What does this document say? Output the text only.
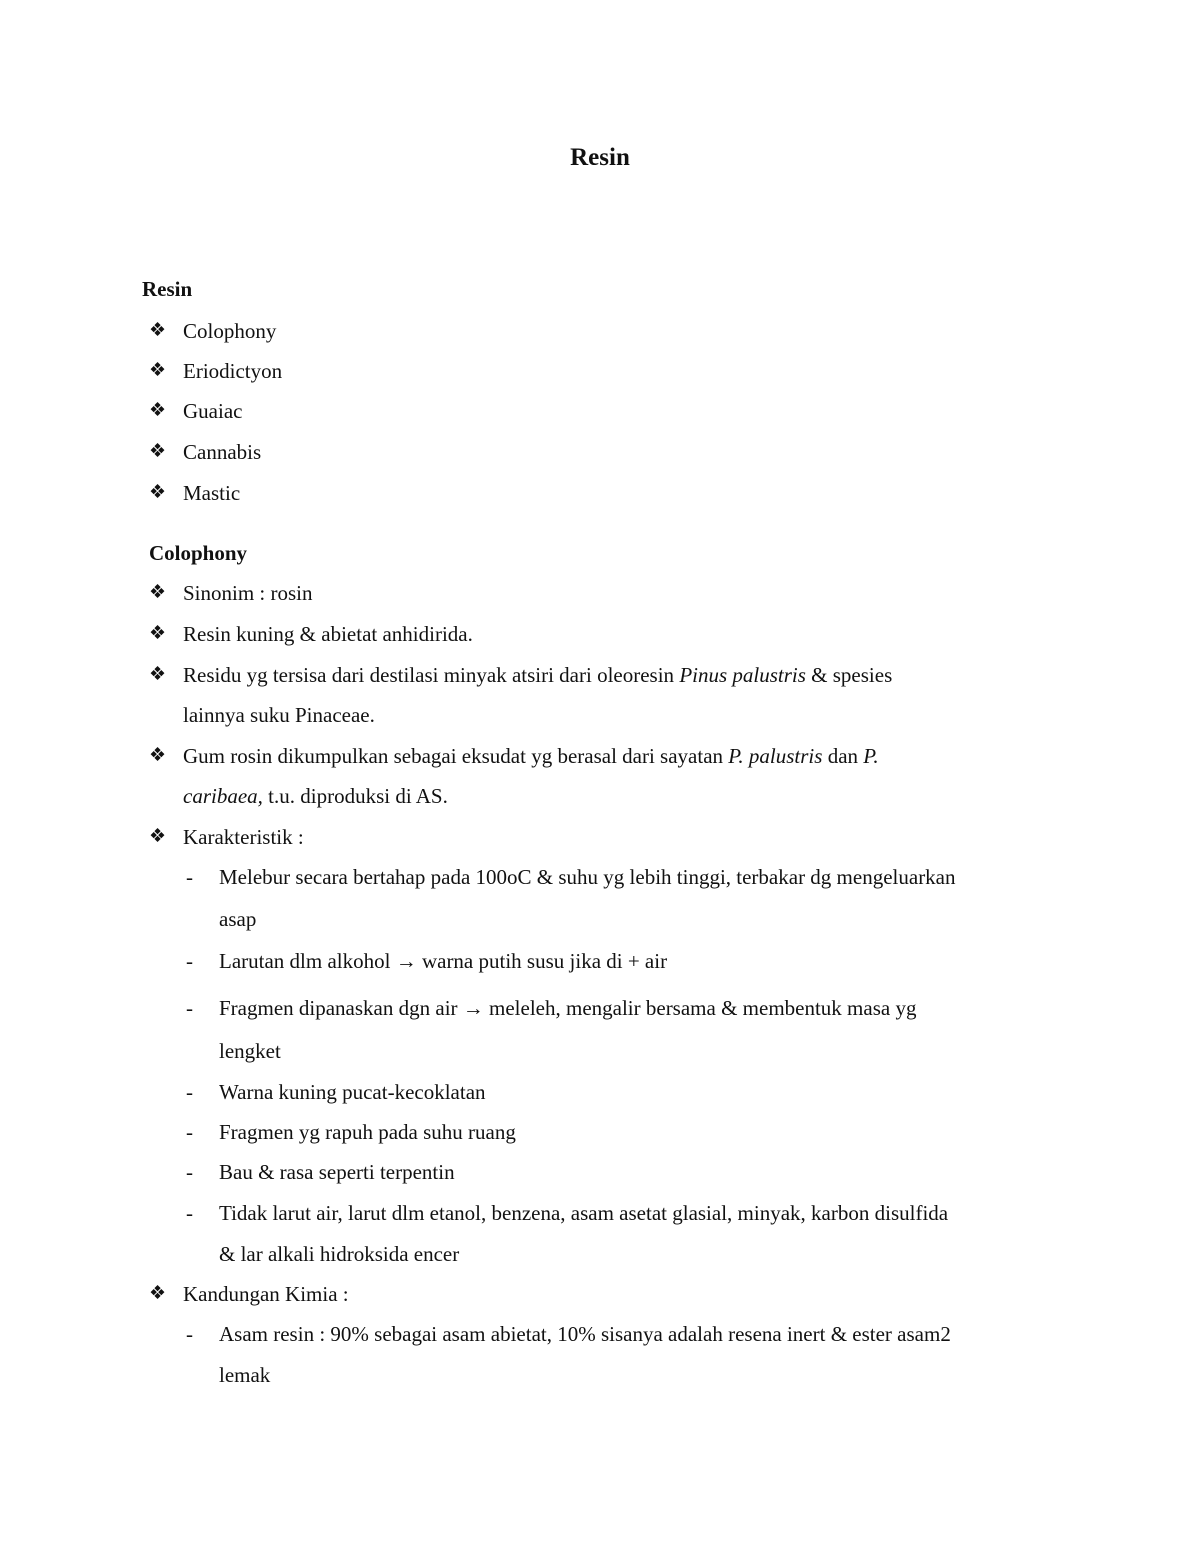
Resin
Resin
❖ Colophony
❖ Eriodictyon
❖ Guaiac
❖ Cannabis
❖ Mastic
Colophony
❖ Sinonim : rosin
❖ Resin kuning & abietat anhidirida.
❖ Residu yg tersisa dari destilasi minyak atsiri dari oleoresin Pinus palustris & spesies
lainnya suku Pinaceae.
❖ Gum rosin dikumpulkan sebagai eksudat yg berasal dari sayatan P. palustris dan P.
caribaea, t.u. diproduksi di AS.
❖ Karakteristik :
- Melebur secara bertahap pada 100oC & suhu yg lebih tinggi, terbakar dg mengeluarkan
asap
- Larutan dlm alkohol → warna putih susu jika di + air
- Fragmen dipanaskan dgn air → meleleh, mengalir bersama & membentuk masa yg
lengket
- Warna kuning pucat-kecoklatan
- Fragmen yg rapuh pada suhu ruang
- Bau & rasa seperti terpentin
- Tidak larut air, larut dlm etanol, benzena, asam asetat glasial, minyak, karbon disulfida
& lar alkali hidroksida encer
❖ Kandungan Kimia :
- Asam resin : 90% sebagai asam abietat, 10% sisanya adalah resena inert & ester asam2
lemak
